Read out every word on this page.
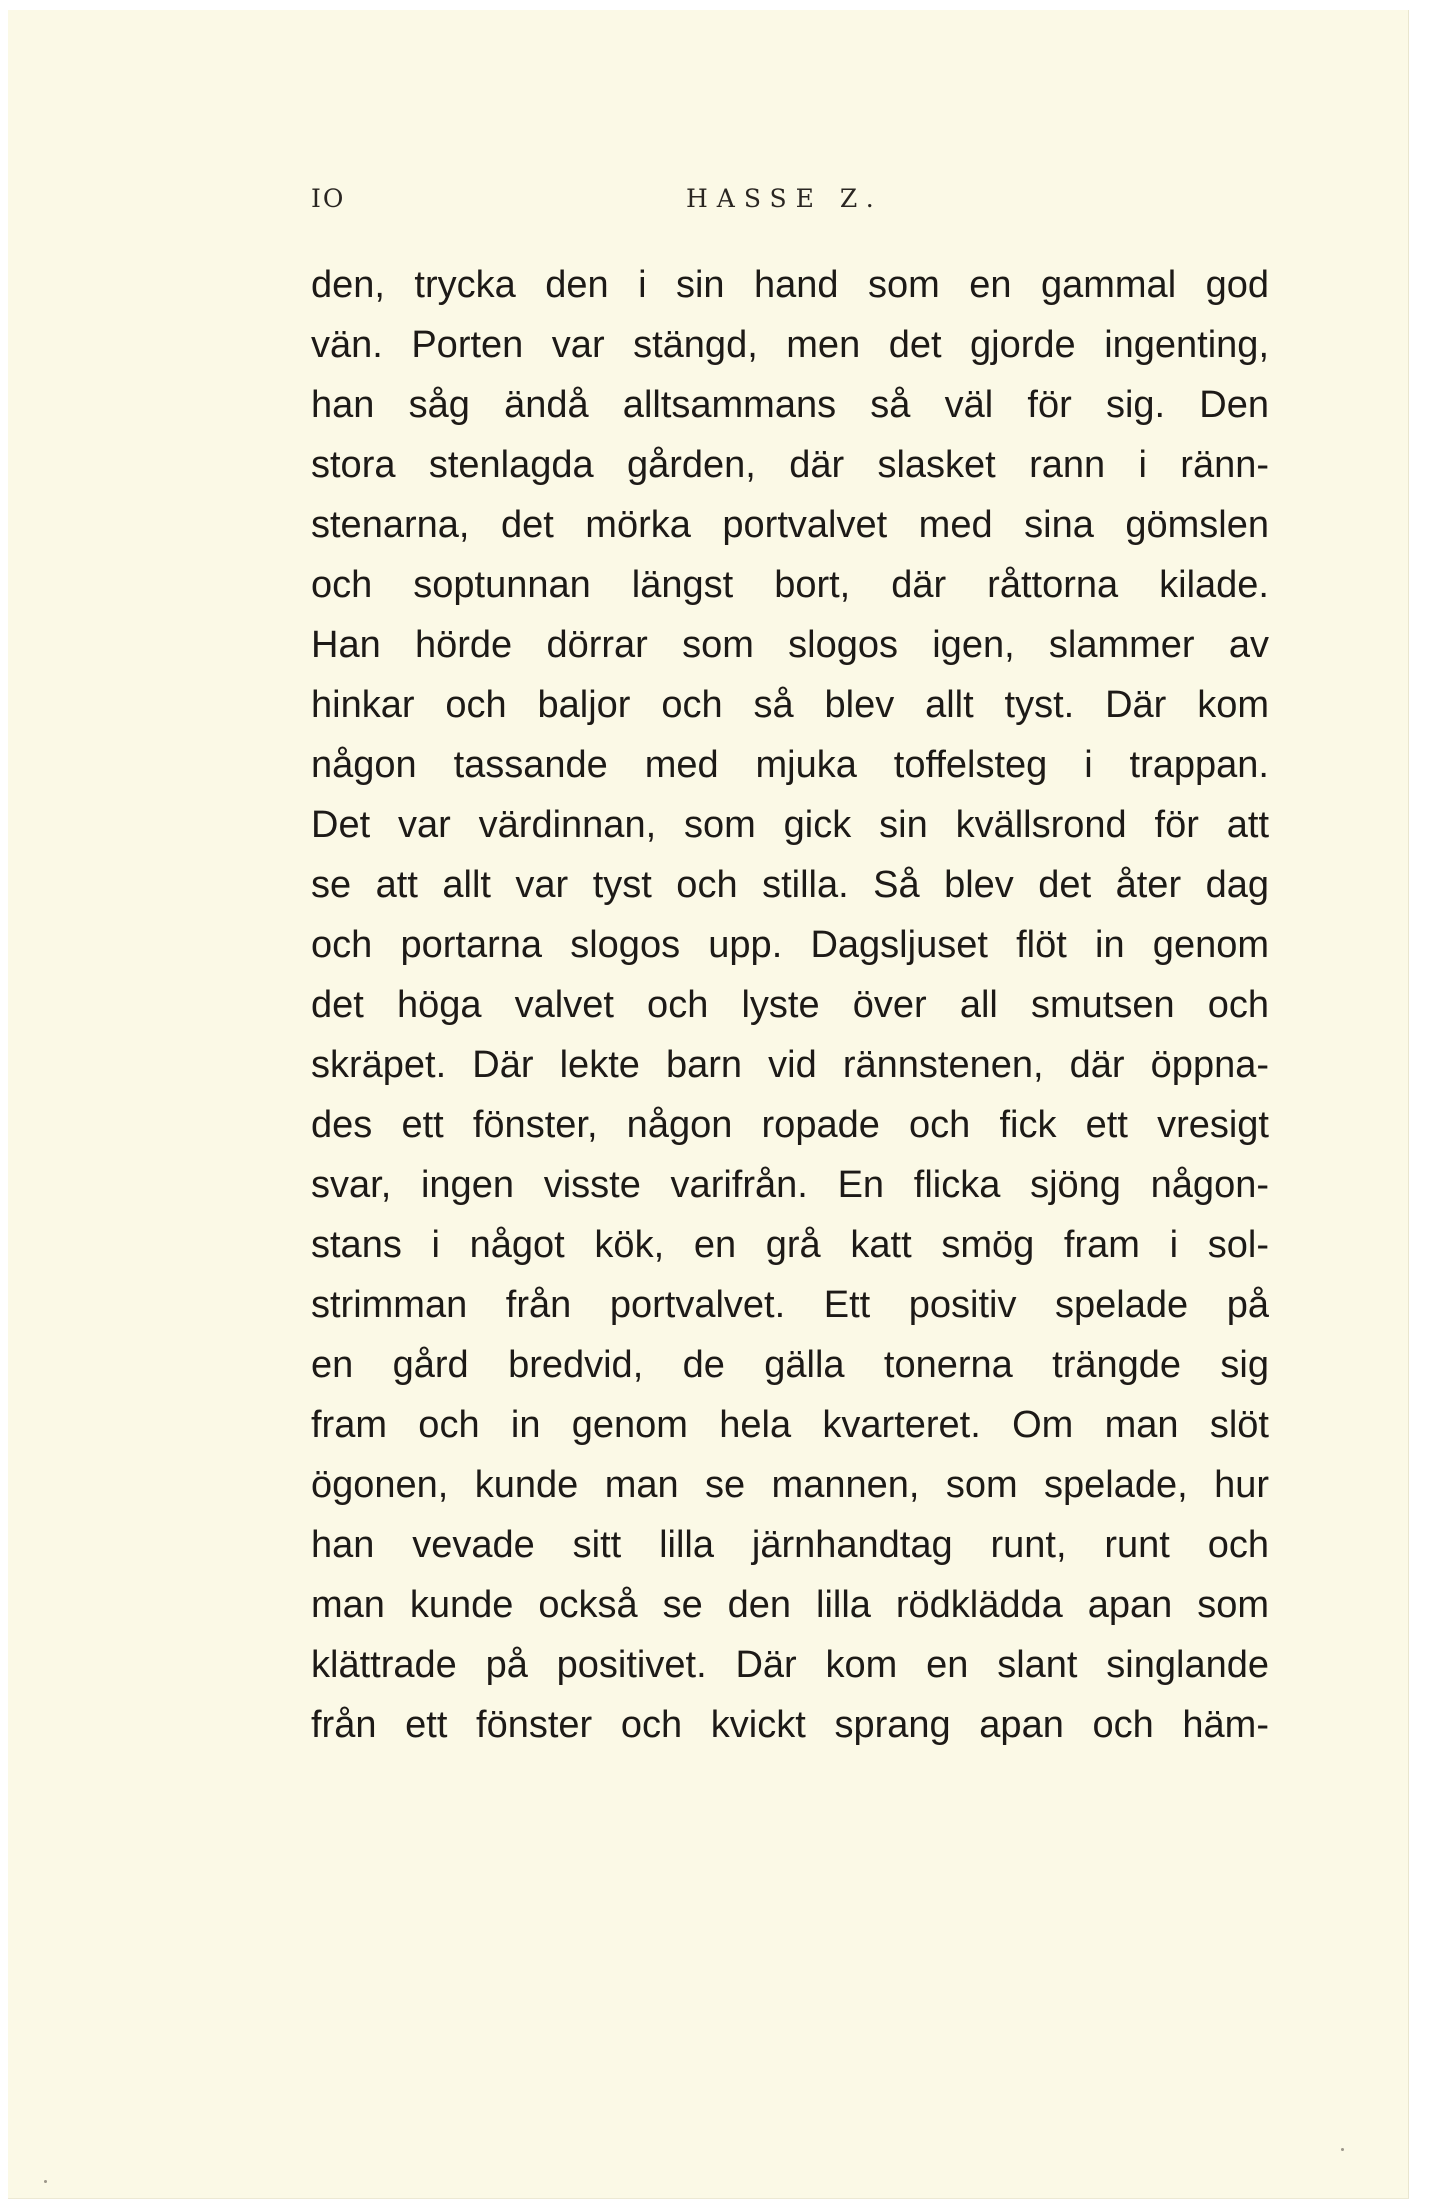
IO	HASSE Z.
den, trycka den i sin hand som en gammal god
vän. Porten var stängd, men det gjorde ingenting,
han såg ändå alltsammans så väl för sig. Den
stora stenlagda gården, där slasket rann i ränn-
stenarna, det mörka portvalvet med sina gömslen
och soptunnan längst bort, där råttorna kilade.
Han hörde dörrar som slogos igen, slammer av
hinkar och baljor och så blev allt tyst. Där kom
någon tassande med mjuka toffelsteg i trappan.
Det var värdinnan, som gick sin kvällsrond för att
se att allt var tyst och stilla. Så blev det åter dag
och portarna slogos upp. Dagsljuset flöt in genom
det höga valvet och lyste över all smutsen och
skräpet. Där lekte barn vid rännstenen, där öppna-
des ett fönster, någon ropade och fick ett vresigt
svar, ingen visste varifrån. En flicka sjöng någon-
stans i något kök, en grå katt smög fram i sol-
strimman från portvalvet. Ett positiv spelade på
en gård bredvid, de gälla tonerna trängde sig
fram och in genom hela kvarteret. Om man slöt
ögonen, kunde man se mannen, som spelade, hur
han vevade sitt lilla järnhandtag runt, runt och
man kunde också se den lilla rödklädda apan som
klättrade på positivet. Där kom en slant singlande
från ett fönster och kvickt sprang apan och häm-
